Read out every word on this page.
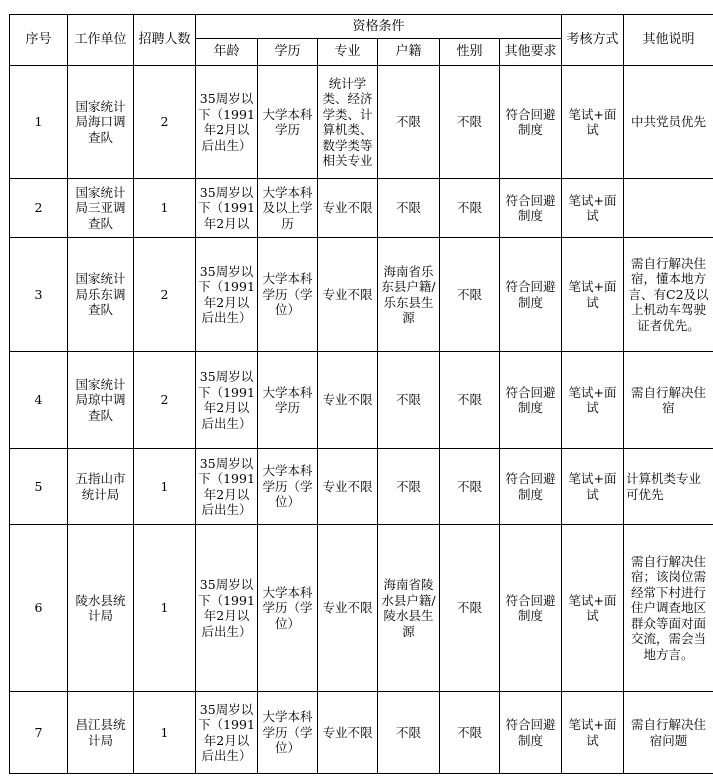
序号	工作单位	招聘人数	资格条件						考核方式	其他说明
			年龄	学历	专业	户籍	性别	其他要求		
1	国家统计局海口调查队	2	35周岁以下（1991年2月以后出生）	大学本科学历	统计学类、经济学类、计算机类、数学类等相关专业	不限	不限	符合回避制度	笔试+面试	中共党员优先
2	国家统计局三亚调查队	1	35周岁以下（1991年2月以	大学本科及以上学历	专业不限	不限	不限	符合回避制度	笔试+面试	
3	国家统计局乐东调查队	2	35周岁以下（1991年2月以后出生）	大学本科学历（学位）	专业不限	海南省乐东县户籍/乐东县生源	不限	符合回避制度	笔试+面试	需自行解决住宿，懂本地方言、有C2及以上机动车驾驶证者优先。
4	国家统计局琼中调查队	2	35周岁以下（1991年2月以后出生）	大学本科学历	专业不限	不限	不限	符合回避制度	笔试+面试	需自行解决住宿
5	五指山市统计局	1	35周岁以下（1991年2月以后出生）	大学本科学历（学位）	专业不限	不限	不限	符合回避制度	笔试+面试	计算机类专业可优先
6	陵水县统计局	1	35周岁以下（1991年2月以后出生）	大学本科学历（学位）	专业不限	海南省陵水县户籍/陵水县生源	不限	符合回避制度	笔试+面试	需自行解决住宿；该岗位需经常下村进行住户调查地区群众等面对面交流，需会当地方言。
7	昌江县统计局	1	35周岁以下（1991年2月以后出生）	大学本科学历（学位）	专业不限	不限	不限	符合回避制度	笔试+面试	需自行解决住宿问题
